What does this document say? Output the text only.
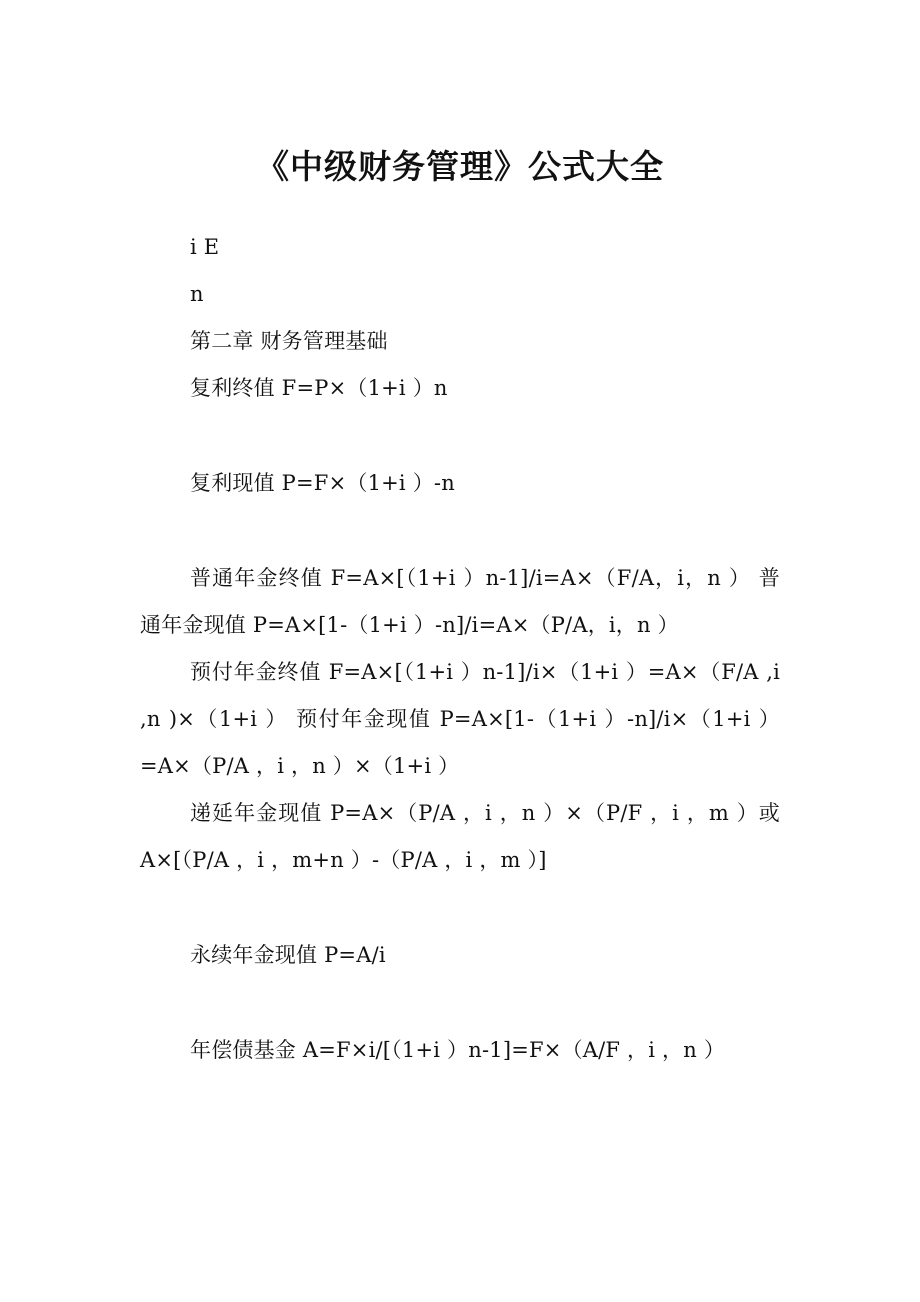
《中级财务管理》公式大全

i E

n

第二章 财务管理基础

复利终值 F=P×（1+i ）n

复利现值 P=F×（1+i ）-n

普通年金终值 F=A×[（1+i ）n-1]/i=A×（F/A，i，n ） 普通年金现值 P=A×[1-（1+i ）-n]/i=A×（P/A，i，n ）

预付年金终值 F=A×[（1+i ）n-1]/i×（1+i ）=A×（F/A ,i ,n )×（1+i ） 预付年金现值 P=A×[1-（1+i ）-n]/i×（1+i ）=A×（P/A ，i ，n ）×（1+i ）

递延年金现值 P=A×（P/A ，i ，n ）×（P/F ，i ，m ）或 A×[（P/A ，i ，m+n ）-（P/A ，i ，m ）]

永续年金现值 P=A/i

年偿债基金 A=F×i/[（1+i ）n-1]=F×（A/F ，i ，n ）
